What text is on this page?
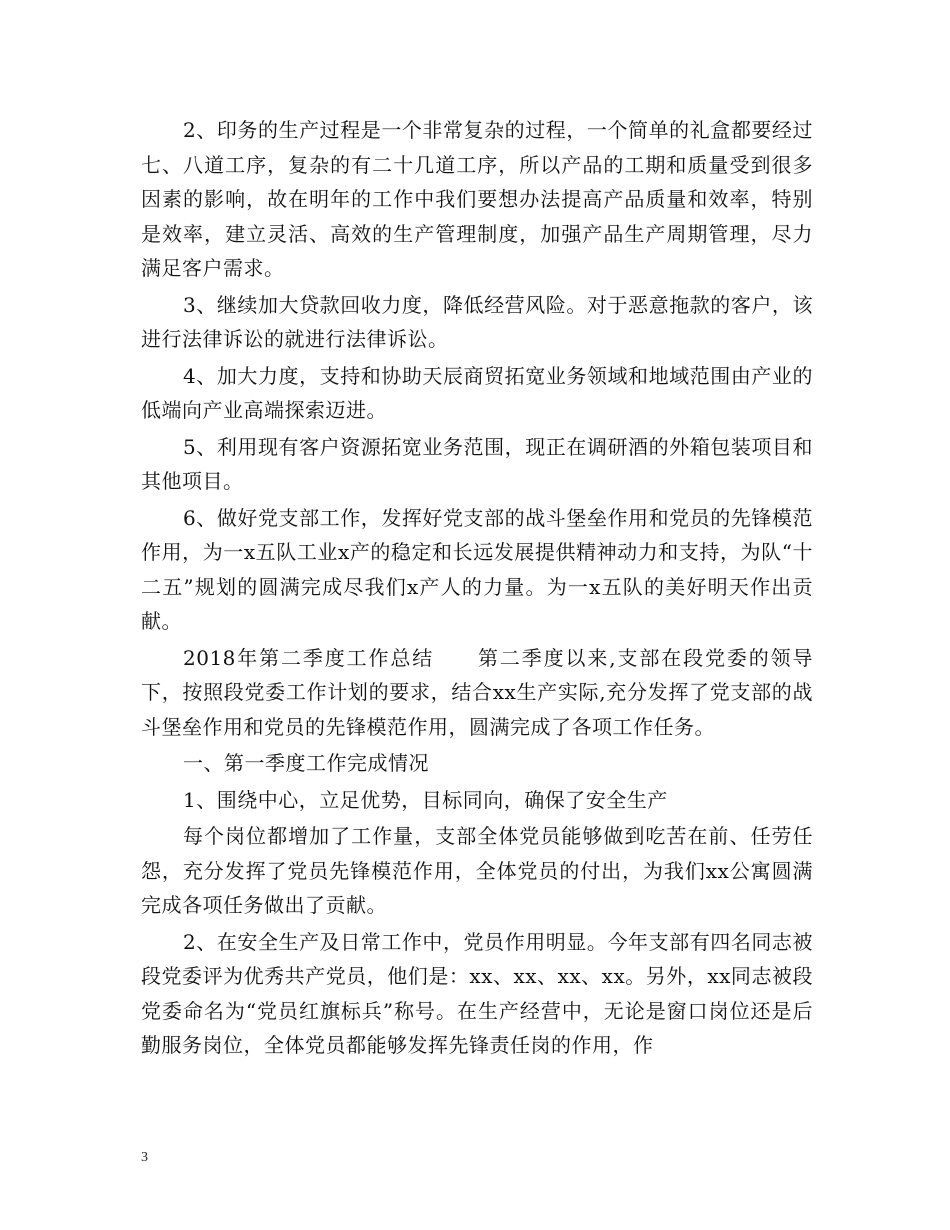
2、印务的生产过程是一个非常复杂的过程，一个简单的礼盒都要经过七、八道工序，复杂的有二十几道工序，所以产品的工期和质量受到很多因素的影响，故在明年的工作中我们要想办法提高产品质量和效率，特别是效率，建立灵活、高效的生产管理制度，加强产品生产周期管理，尽力满足客户需求。

3、继续加大贷款回收力度，降低经营风险。对于恶意拖款的客户，该进行法律诉讼的就进行法律诉讼。

4、加大力度，支持和协助天辰商贸拓宽业务领域和地域范围由产业的低端向产业高端探索迈进。

5、利用现有客户资源拓宽业务范围，现正在调研酒的外箱包装项目和其他项目。

6、做好党支部工作，发挥好党支部的战斗堡垒作用和党员的先锋模范作用，为一x五队工业x产的稳定和长远发展提供精神动力和支持，为队“十二五”规划的圆满完成尽我们x产人的力量。为一x五队的美好明天作出贡献。

2018年第二季度工作总结　　第二季度以来,支部在段党委的领导下，按照段党委工作计划的要求，结合xx生产实际,充分发挥了党支部的战斗堡垒作用和党员的先锋模范作用，圆满完成了各项工作任务。

一、第一季度工作完成情况

1、围绕中心，立足优势，目标同向，确保了安全生产

每个岗位都增加了工作量，支部全体党员能够做到吃苦在前、任劳任怨，充分发挥了党员先锋模范作用，全体党员的付出，为我们xx公寓圆满完成各项任务做出了贡献。

2、在安全生产及日常工作中，党员作用明显。今年支部有四名同志被段党委评为优秀共产党员，他们是：xx、xx、xx、xx。另外，xx同志被段党委命名为“党员红旗标兵”称号。在生产经营中，无论是窗口岗位还是后勤服务岗位，全体党员都能够发挥先锋责任岗的作用，作

3
